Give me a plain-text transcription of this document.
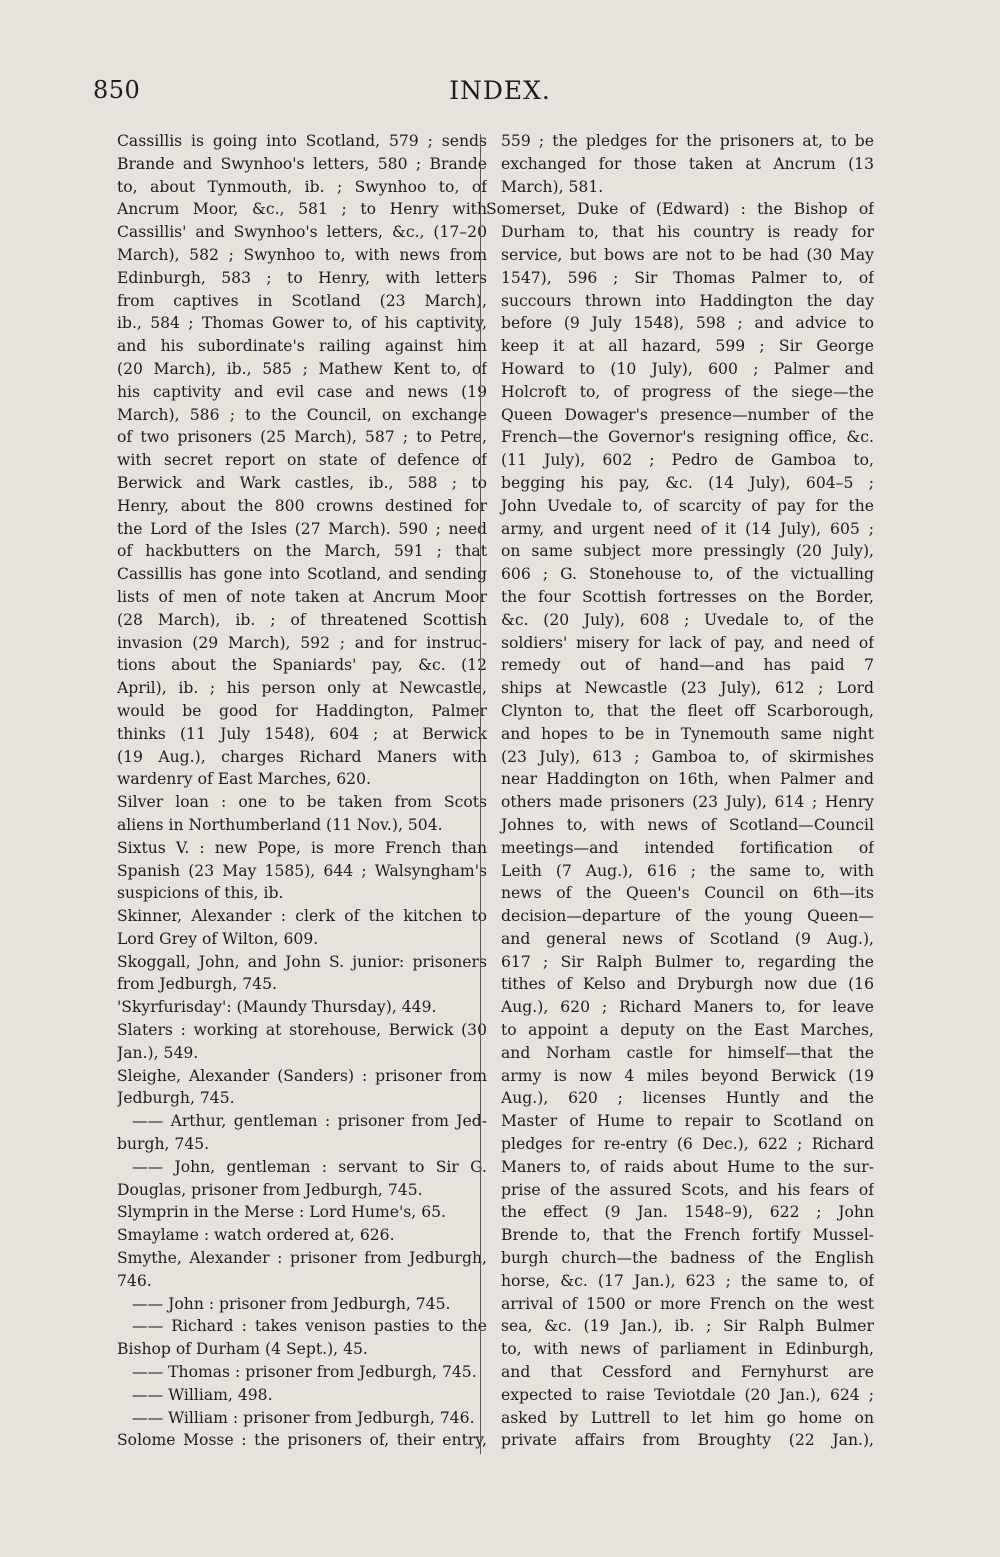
850	INDEX.
Cassillis is going into Scotland, 579 ; sends
Brande and Swynhoo's letters, 580 ; Brande
to, about Tynmouth, ib. ; Swynhoo to, of
Ancrum Moor, &c., 581 ; to Henry with
Cassillis' and Swynhoo's letters, &c., (17–20
March), 582 ; Swynhoo to, with news from
Edinburgh, 583 ; to Henry, with letters
from captives in Scotland (23 March),
ib., 584 ; Thomas Gower to, of his captivity,
and his subordinate's railing against him
(20 March), ib., 585 ; Mathew Kent to, of
his captivity and evil case and news (19
March), 586 ; to the Council, on exchange
of two prisoners (25 March), 587 ; to Petre,
with secret report on state of defence of
Berwick and Wark castles, ib., 588 ; to
Henry, about the 800 crowns destined for
the Lord of the Isles (27 March). 590 ; need
of hackbutters on the March, 591 ; that
Cassillis has gone into Scotland, and sending
lists of men of note taken at Ancrum Moor
(28 March), ib. ; of threatened Scottish
invasion (29 March), 592 ; and for instruc-
tions about the Spaniards' pay, &c. (12
April), ib. ; his person only at Newcastle,
would be good for Haddington, Palmer
thinks (11 July 1548), 604 ; at Berwick
(19 Aug.), charges Richard Maners with
wardenry of East Marches, 620.
Silver loan : one to be taken from Scots
aliens in Northumberland (11 Nov.), 504.
Sixtus V. : new Pope, is more French than
Spanish (23 May 1585), 644 ; Walsyngham's
suspicions of this, ib.
Skinner, Alexander : clerk of the kitchen to
Lord Grey of Wilton, 609.
Skoggall, John, and John S. junior: prisoners
from Jedburgh, 745.
'Skyrfurisday': (Maundy Thursday), 449.
Slaters : working at storehouse, Berwick (30
Jan.), 549.
Sleighe, Alexander (Sanders) : prisoner from
Jedburgh, 745.
—— Arthur, gentleman : prisoner from Jed-
burgh, 745.
—— John, gentleman : servant to Sir G.
Douglas, prisoner from Jedburgh, 745.
Slymprin in the Merse : Lord Hume's, 65.
Smaylame : watch ordered at, 626.
Smythe, Alexander : prisoner from Jedburgh,
746.
—— John : prisoner from Jedburgh, 745.
—— Richard : takes venison pasties to the
Bishop of Durham (4 Sept.), 45.
—— Thomas : prisoner from Jedburgh, 745.
—— William, 498.
—— William : prisoner from Jedburgh, 746.
Solome Mosse : the prisoners of, their entry,
559 ; the pledges for the prisoners at, to be
exchanged for those taken at Ancrum (13
March), 581.
Somerset, Duke of (Edward) : the Bishop of
Durham to, that his country is ready for
service, but bows are not to be had (30 May
1547), 596 ; Sir Thomas Palmer to, of
succours thrown into Haddington the day
before (9 July 1548), 598 ; and advice to
keep it at all hazard, 599 ; Sir George
Howard to (10 July), 600 ; Palmer and
Holcroft to, of progress of the siege—the
Queen Dowager's presence—number of the
French—the Governor's resigning office, &c.
(11 July), 602 ; Pedro de Gamboa to,
begging his pay, &c. (14 July), 604–5 ;
John Uvedale to, of scarcity of pay for the
army, and urgent need of it (14 July), 605 ;
on same subject more pressingly (20 July),
606 ; G. Stonehouse to, of the victualling
the four Scottish fortresses on the Border,
&c. (20 July), 608 ; Uvedale to, of the
soldiers' misery for lack of pay, and need of
remedy out of hand—and has paid 7
ships at Newcastle (23 July), 612 ; Lord
Clynton to, that the fleet off Scarborough,
and hopes to be in Tynemouth same night
(23 July), 613 ; Gamboa to, of skirmishes
near Haddington on 16th, when Palmer and
others made prisoners (23 July), 614 ; Henry
Johnes to, with news of Scotland—Council
meetings—and intended fortification of
Leith (7 Aug.), 616 ; the same to, with
news of the Queen's Council on 6th—its
decision—departure of the young Queen—
and general news of Scotland (9 Aug.),
617 ; Sir Ralph Bulmer to, regarding the
tithes of Kelso and Dryburgh now due (16
Aug.), 620 ; Richard Maners to, for leave
to appoint a deputy on the East Marches,
and Norham castle for himself—that the
army is now 4 miles beyond Berwick (19
Aug.), 620 ; licenses Huntly and the
Master of Hume to repair to Scotland on
pledges for re-entry (6 Dec.), 622 ; Richard
Maners to, of raids about Hume to the sur-
prise of the assured Scots, and his fears of
the effect (9 Jan. 1548–9), 622 ; John
Brende to, that the French fortify Mussel-
burgh church—the badness of the English
horse, &c. (17 Jan.), 623 ; the same to, of
arrival of 1500 or more French on the west
sea, &c. (19 Jan.), ib. ; Sir Ralph Bulmer
to, with news of parliament in Edinburgh,
and that Cessford and Fernyhurst are
expected to raise Teviotdale (20 Jan.), 624 ;
asked by Luttrell to let him go home on
private affairs from Broughty (22 Jan.),
